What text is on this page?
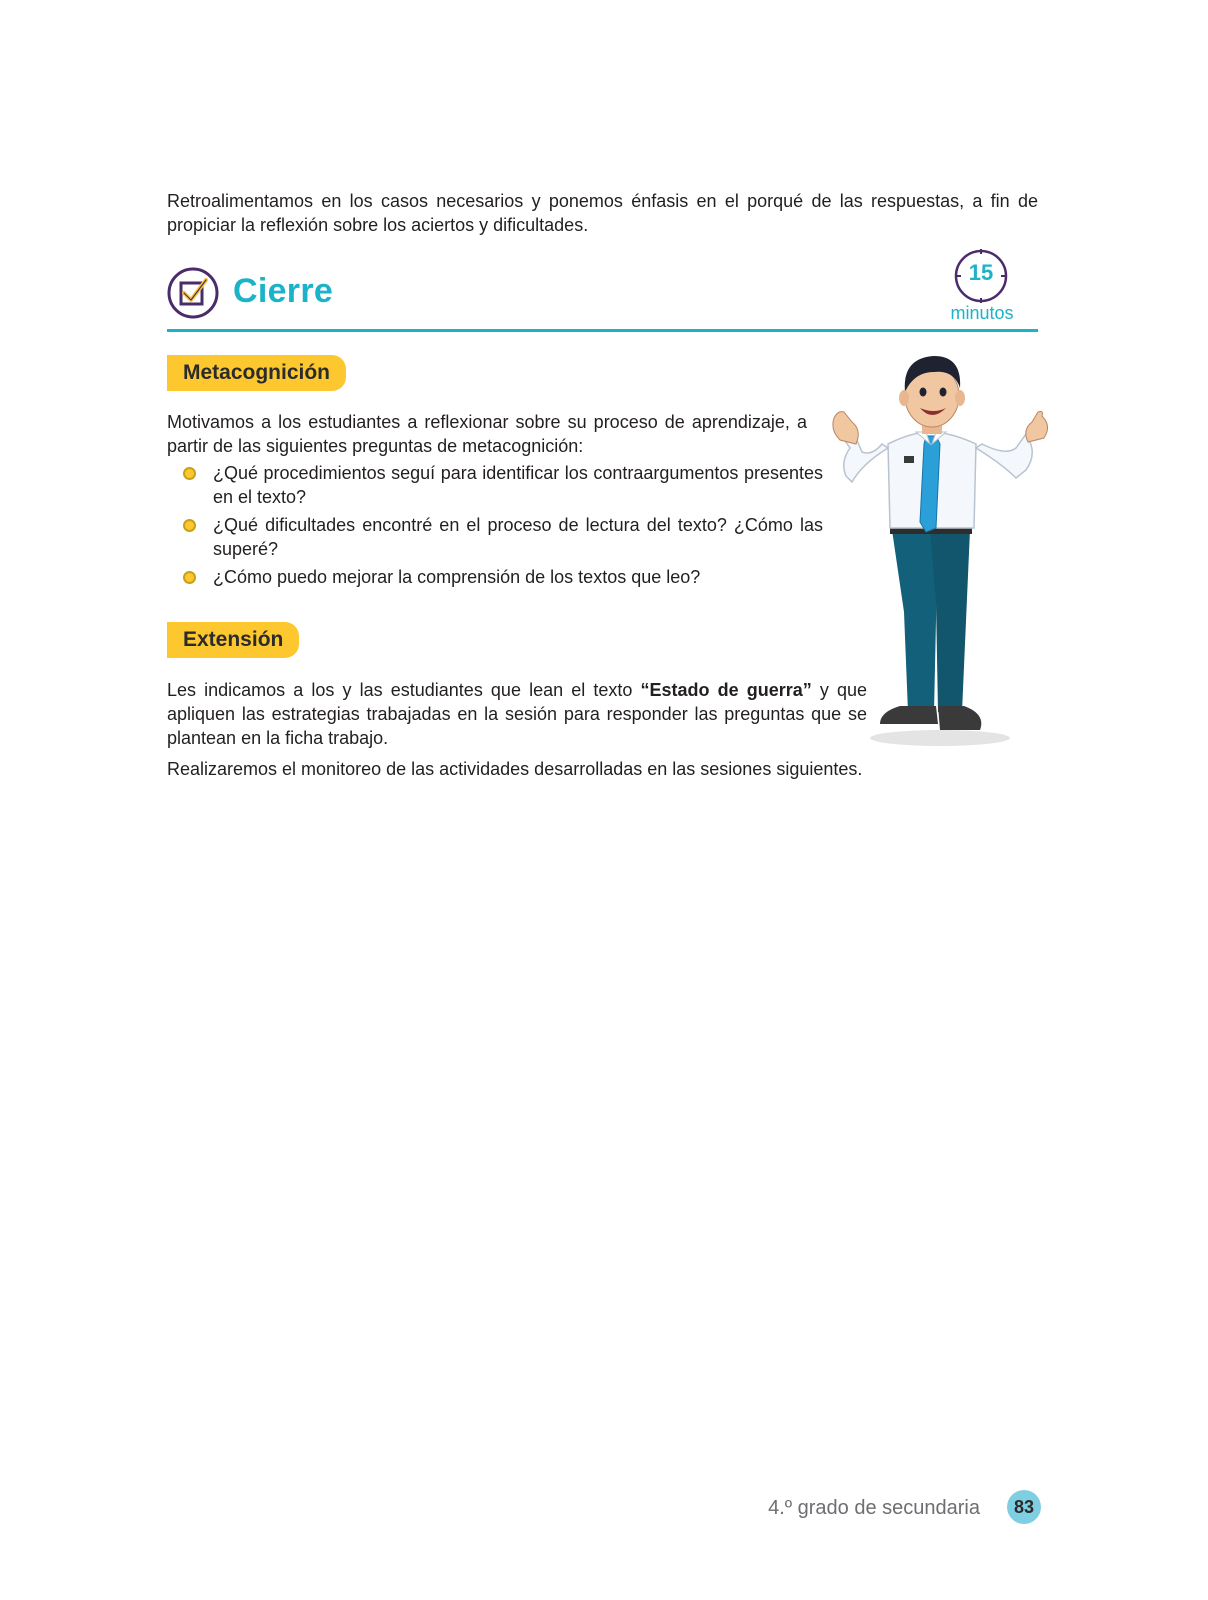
Retroalimentamos en los casos necesarios y ponemos énfasis en el porqué de las respuestas, a fin de propiciar la reflexión sobre los aciertos y dificultades.

Cierre	15
minutos
Metacognición

Motivamos a los estudiantes a reflexionar sobre su proceso de aprendizaje, a partir de las siguientes preguntas de metacognición:

¿Qué procedimientos seguí para identificar los contraargumentos presentes en el texto?
¿Qué dificultades encontré en el proceso de lectura del texto? ¿Cómo las superé?
¿Cómo puedo mejorar la comprensión de los textos que leo?
Extensión

Les indicamos a los y las estudiantes que lean el texto “Estado de guerra” y que apliquen las estrategias trabajadas en la sesión para responder las preguntas que se plantean en la ficha trabajo.

Realizaremos el monitoreo de las actividades desarrolladas en las sesiones siguientes.

4.º grado de secundaria	83
